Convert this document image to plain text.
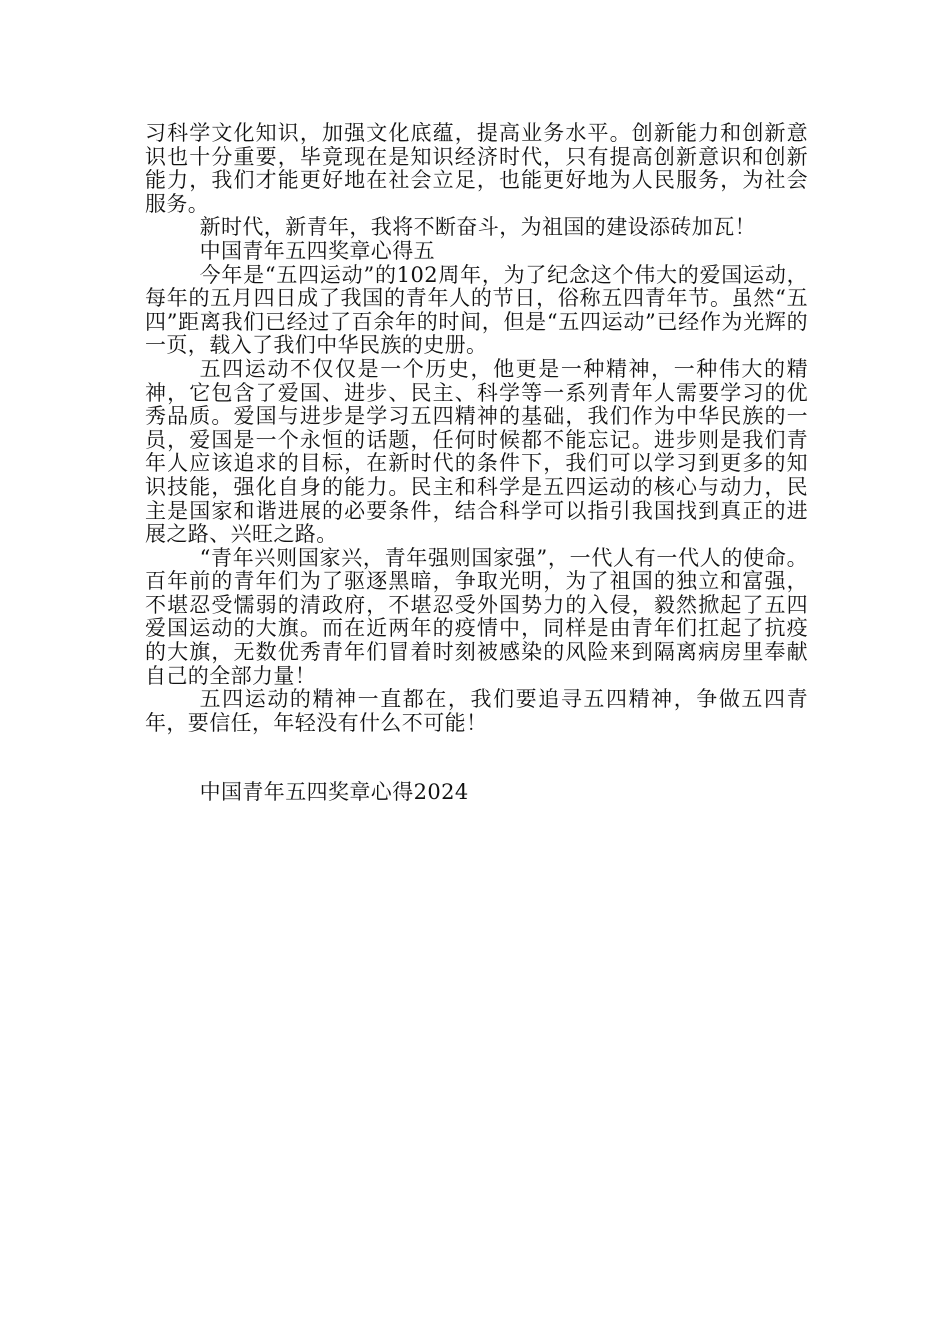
习科学文化知识，加强文化底蕴，提高业务水平。创新能力和创新意识也十分重要，毕竟现在是知识经济时代，只有提高创新意识和创新能力，我们才能更好地在社会立足，也能更好地为人民服务，为社会服务。

新时代，新青年，我将不断奋斗，为祖国的建设添砖加瓦！

中国青年五四奖章心得五

今年是“五四运动”的102周年，为了纪念这个伟大的爱国运动，每年的五月四日成了我国的青年人的节日，俗称五四青年节。虽然“五四”距离我们已经过了百余年的时间，但是“五四运动”已经作为光辉的一页，载入了我们中华民族的史册。

五四运动不仅仅是一个历史，他更是一种精神，一种伟大的精神，它包含了爱国、进步、民主、科学等一系列青年人需要学习的优秀品质。爱国与进步是学习五四精神的基础，我们作为中华民族的一员，爱国是一个永恒的话题，任何时候都不能忘记。进步则是我们青年人应该追求的目标，在新时代的条件下，我们可以学习到更多的知识技能，强化自身的能力。民主和科学是五四运动的核心与动力，民主是国家和谐进展的必要条件，结合科学可以指引我国找到真正的进展之路、兴旺之路。

“青年兴则国家兴，青年强则国家强”，一代人有一代人的使命。百年前的青年们为了驱逐黑暗，争取光明，为了祖国的独立和富强，不堪忍受懦弱的清政府，不堪忍受外国势力的入侵，毅然掀起了五四爱国运动的大旗。而在近两年的疫情中，同样是由青年们扛起了抗疫的大旗，无数优秀青年们冒着时刻被感染的风险来到隔离病房里奉献自己的全部力量！

五四运动的精神一直都在，我们要追寻五四精神，争做五四青年，要信任，年轻没有什么不可能！

中国青年五四奖章心得2024
